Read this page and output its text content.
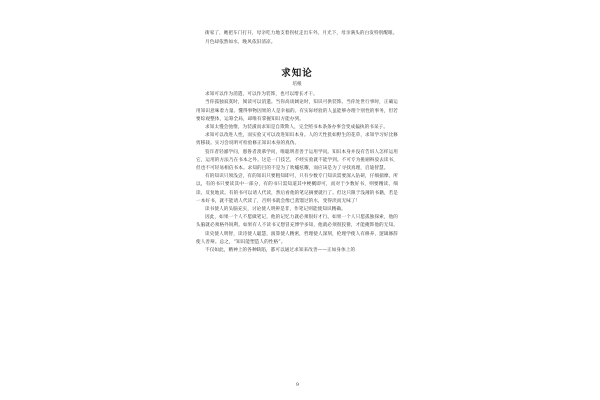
街家了，她把车门打开，母亲吃力地支着拐杖走出车外。月光下，母亲满头的白发特别醒眼。

月色却依然如水，晚风依旧清凉。

求知论
培根

求知可以作为消遣，可以作为装饰，也可以增长才干。

当你孤独寂寞时，阅读可以消遣。当你高谈阔论时，知识可供装饰。当你处世行事时，正确运用知识意味着力量。懂得事物因果的人是幸福的。有实际经验的人虽能够办理个别性的事务，但若要综观整体，运筹全局，却唯有掌握知识方能办到。

求知太慢会弛惰，为装潢而求知是自欺欺人，完全照书本条条办事会变成偏执的书呆子。

求知可以改进人性，而实验又可以改进知识本身。人的天性犹如野生的花草，求知学习好比修剪移栽。实习会说明可检验修正知识本身的真伪。

狡诈者轻鄙学问，愚鲁者羡慕学问，唯聪明者善于运用学问。知识本身并没有告诉人怎样运用它，运用的方法乃在书本之外。这是一门技艺，不经实验就不能学到。不可专为挑剔辩驳去读书，但也不可轻易相信书本。求知的目的不是为了吹嘘炫耀，而应该是为了寻找真理，启迪智慧。

有的知识只须浅尝，有的知识只要粗知即可，只有少数专门知识需要深入钻研，仔细揣摩。所以，有的书只要读其中一部分，有的书只需知道其中梗概即可，而对于少数好书，则要精读、细读、反复地读。有的书可以请人代读，然后看他的笔记摘要就行了。但这只限于浅薄的书籍，若是一本好书，就不能请人代读了，否则书就会像已蒸馏过的水，变得淡而无味了！

读书使人的头脑充实，讨论使人明辨是非，作笔记则能使知识精确。

因此，如果一个人不愿做笔记，他的记忆力就必须很好才行。如果一个人只愿孤独探索，他的头脑就必须格外锐利。如果有人不读书又想冒充博学多知，他就必须很狡猾，才能掩饰他的无知。

读史使人明智，读诗使人聪慧，演算使人精密，哲理使人深刻，伦理学使人有修养，逻辑修辞使人善辩。总之，“知识能塑造人的性格”。

不仅如此，精神上的各种缺陷，都可以通过求知来改善——正如身体上的

9
